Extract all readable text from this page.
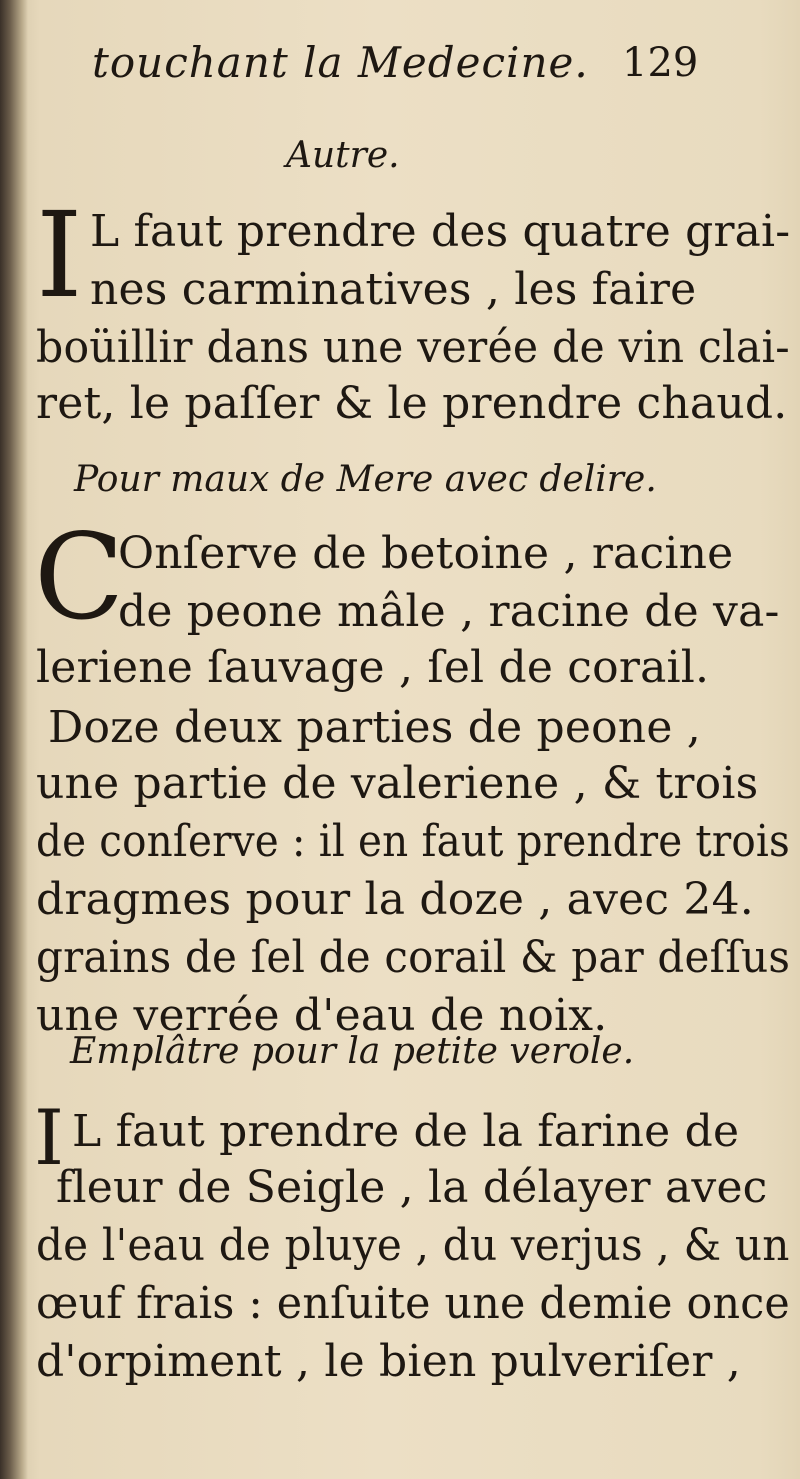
touchant la Medecine. 129
Autre.
I L faut prendre des quatre grai-
nes carminatives , les faire
boüillir dans une verée de vin clai-
ret, le paſſer & le prendre chaud.
Pour maux de Mere avec delire.
C
Onſerve de betoine , racine
de peone mâle , racine de va-
leriene ſauvage , ſel de corail.
Doze deux parties de peone ,
une partie de valeriene , & trois
de conſerve : il en faut prendre trois
dragmes pour la doze , avec 24.
grains de ſel de corail & par deſſus
une verrée d'eau de noix.
Emplâtre pour la petite verole.
I L faut prendre de la farine de
fleur de Seigle , la délayer avec
de l'eau de pluye , du verjus , & un
œuf frais : enſuite une demie once
d'orpiment , le bien pulveriſer ,
